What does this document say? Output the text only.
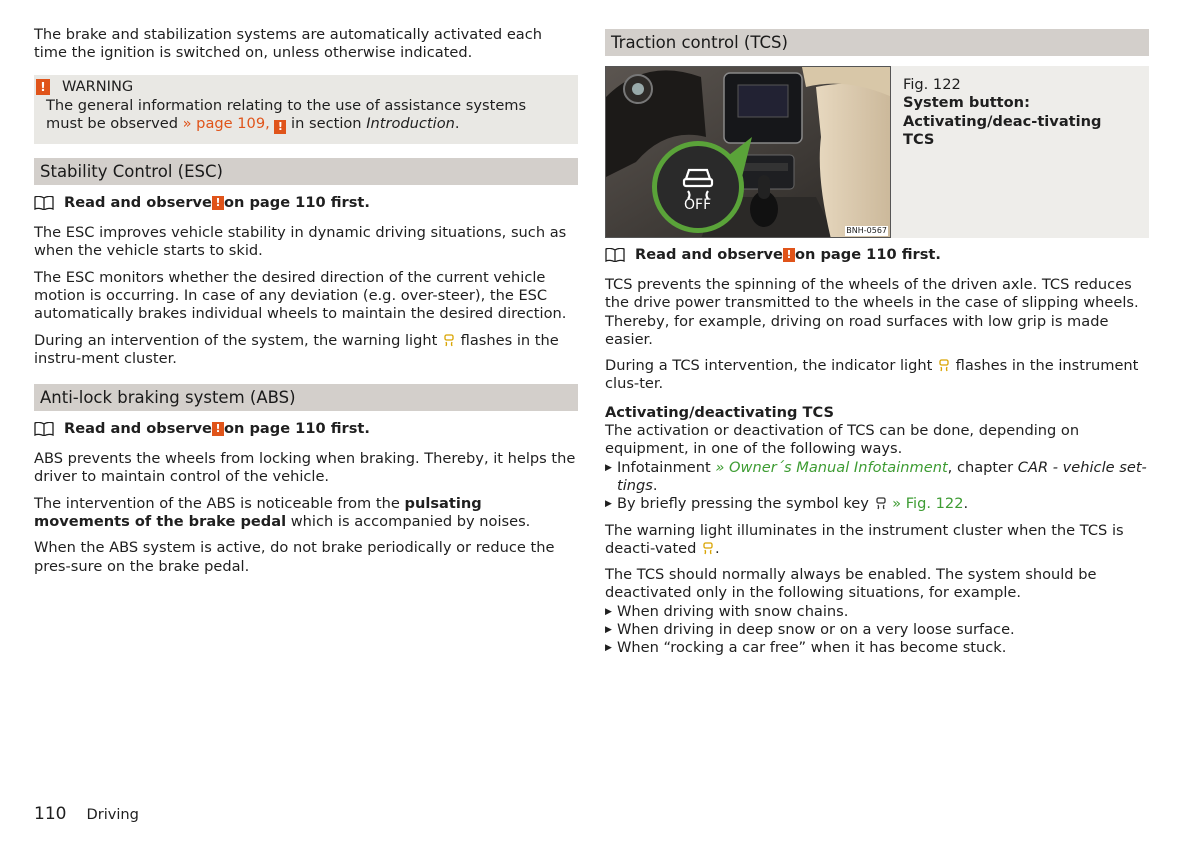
The brake and stabilization systems are automatically activated each time the ignition is switched on, unless otherwise indicated.

! WARNING

The general information relating to the use of assistance systems must be observed » page 109, ! in section Introduction.

Stability Control (ESC)
Read and observe ! on page 110 first.

The ESC improves vehicle stability in dynamic driving situations, such as when the vehicle starts to skid.

The ESC monitors whether the desired direction of the current vehicle motion is occurring. In case of any deviation (e.g. over-steer), the ESC automatically brakes individual wheels to maintain the desired direction.

During an intervention of the system, the warning light  flashes in the instru-ment cluster.

Anti-lock braking system (ABS)
Read and observe ! on page 110 first.

ABS prevents the wheels from locking when braking. Thereby, it helps the driver to maintain control of the vehicle.

The intervention of the ABS is noticeable from the pulsating movements of the brake pedal which is accompanied by noises.

When the ABS system is active, do not brake periodically or reduce the pres-sure on the brake pedal.

Traction control (TCS)
OFF
BNH-0567
Fig. 122
System button: Activating/deac-tivating TCS
Read and observe ! on page 110 first.

TCS prevents the spinning of the wheels of the driven axle. TCS reduces the drive power transmitted to the wheels in the case of slipping wheels. Thereby, for example, driving on road surfaces with low grip is made easier.

During a TCS intervention, the indicator light  flashes in the instrument clus-ter.

Activating/deactivating TCS

The activation or deactivation of TCS can be done, depending on equipment, in one of the following ways.

▶ Infotainment » Owner´s Manual Infotainment, chapter CAR - vehicle set-tings.
▶ By briefly pressing the symbol key  » Fig. 122.

The warning light illuminates in the instrument cluster when the TCS is deacti-vated .

The TCS should normally always be enabled. The system should be deactivated only in the following situations, for example.

▶ When driving with snow chains.
▶ When driving in deep snow or on a very loose surface.
▶ When “rocking a car free” when it has become stuck.
110 Driving
